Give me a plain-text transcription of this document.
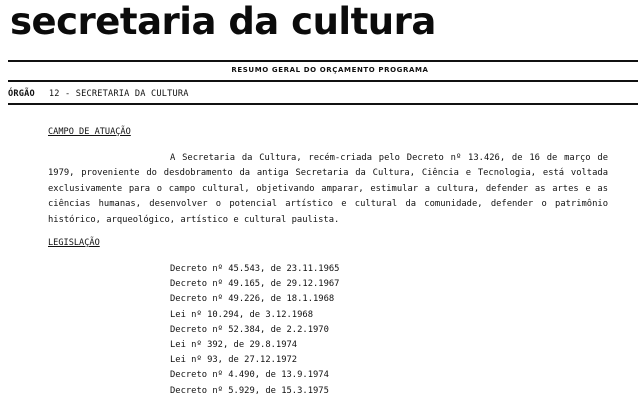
secretaria da cultura
RESUMO GERAL DO ORÇAMENTO PROGRAMA
ÓRGÃO 12 - SECRETARIA DA CULTURA
CAMPO DE ATUAÇÃO

A Secretaria da Cultura, recém-criada pelo Decreto nº 13.426, de 16 de março de 1979, proveniente do desdobramento da antiga Secretaria da Cultura, Ciência e Tecnologia, está voltada exclusivamente para o campo cultural, objetivando amparar, estimular a cultura, defender as artes e as ciências humanas, desenvolver o potencial artístico e cultural da comunidade, defender o patrimônio histórico, arqueológico, artístico e cultural paulista.

LEGISLAÇÃO
Decreto nº 45.543, de 23.11.1965
Decreto nº 49.165, de 29.12.1967
Decreto nº 49.226, de 18.1.1968
Lei nº 10.294, de 3.12.1968
Decreto nº 52.384, de 2.2.1970
Lei nº 392, de 29.8.1974
Lei nº 93, de 27.12.1972
Decreto nº 4.490, de 13.9.1974
Decreto nº 5.929, de 15.3.1975
